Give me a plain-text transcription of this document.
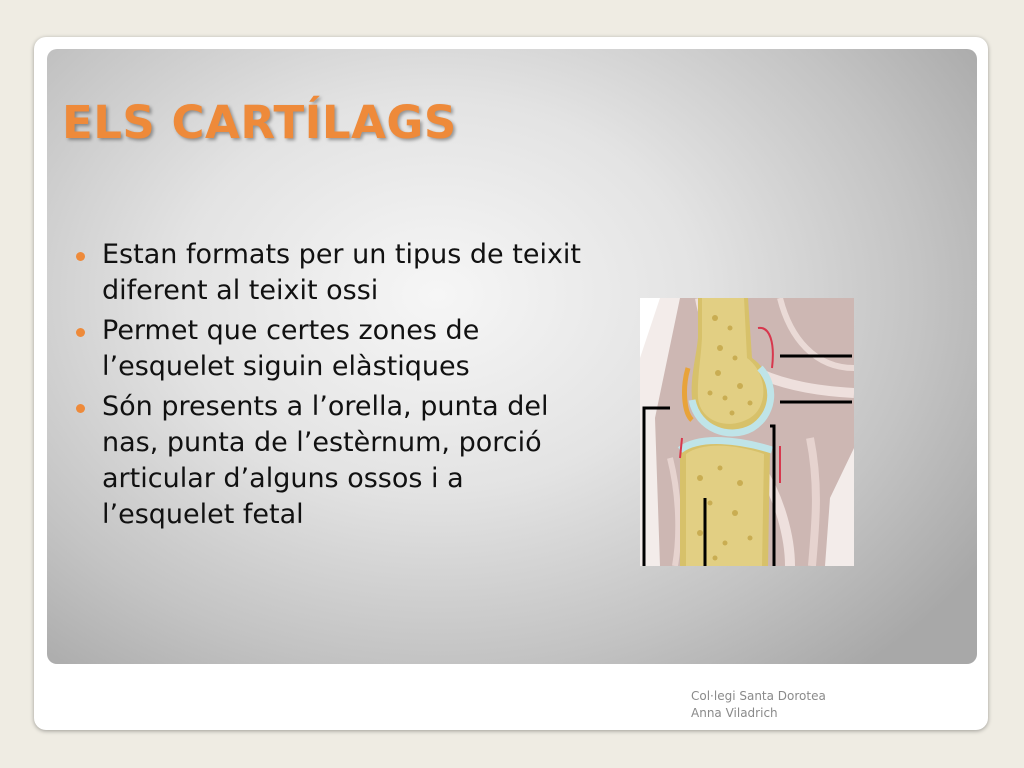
ELS CARTÍLAGS
Estan formats per un tipus de teixit diferent al teixit ossi
Permet que certes zones de l’esquelet siguin elàstiques
Són presents a l’orella, punta del nas, punta de l’estèrnum, porció articular d’alguns ossos i a l’esquelet fetal
Col·legi Santa Dorotea
Anna Viladrich
